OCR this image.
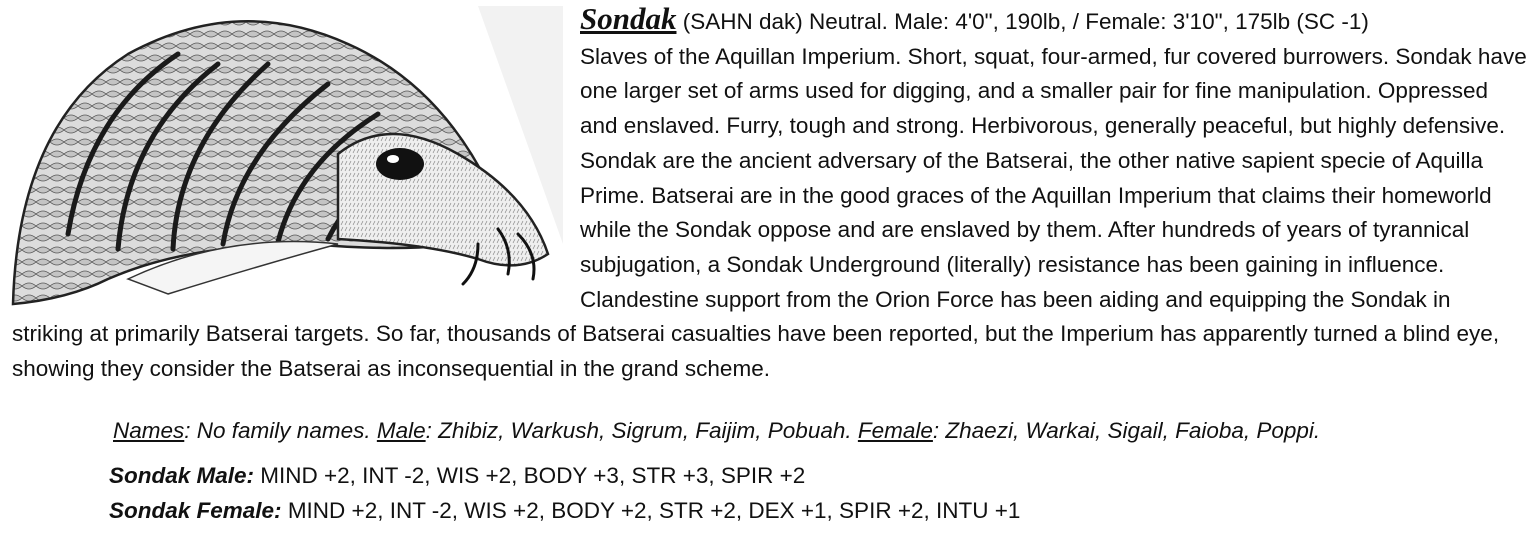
Sondak (SAHN dak) Neutral. Male: 4'0", 190lb, / Female: 3'10", 175lb (SC -1)
Slaves of the Aquillan Imperium. Short, squat, four-armed, fur covered burrowers. Sondak have one larger set of arms used for digging, and a smaller pair for fine manipulation. Oppressed and enslaved. Furry, tough and strong. Herbivorous, generally peaceful, but highly defensive. Sondak are the ancient adversary of the Batserai, the other native sapient specie of Aquilla Prime. Batserai are in the good graces of the Aquillan Imperium that claims their homeworld while the Sondak oppose and are enslaved by them. After hundreds of years of tyrannical subjugation, a Sondak Underground (literally) resistance has been gaining in influence. Clandestine support from the Orion Force has been aiding and equipping the Sondak in striking at primarily Batserai targets. So far, thousands of Batserai casualties have been reported, but the Imperium has apparently turned a blind eye, showing they consider the Batserai as inconsequential in the grand scheme.

Names: No family names. Male: Zhibiz, Warkush, Sigrum, Faijim, Pobuah. Female: Zhaezi, Warkai, Sigail, Faioba, Poppi.
Sondak Male: MIND +2, INT -2, WIS +2, BODY +3, STR +3, SPIR +2
Sondak Female: MIND +2, INT -2, WIS +2, BODY +2, STR +2, DEX +1, SPIR +2, INTU +1
